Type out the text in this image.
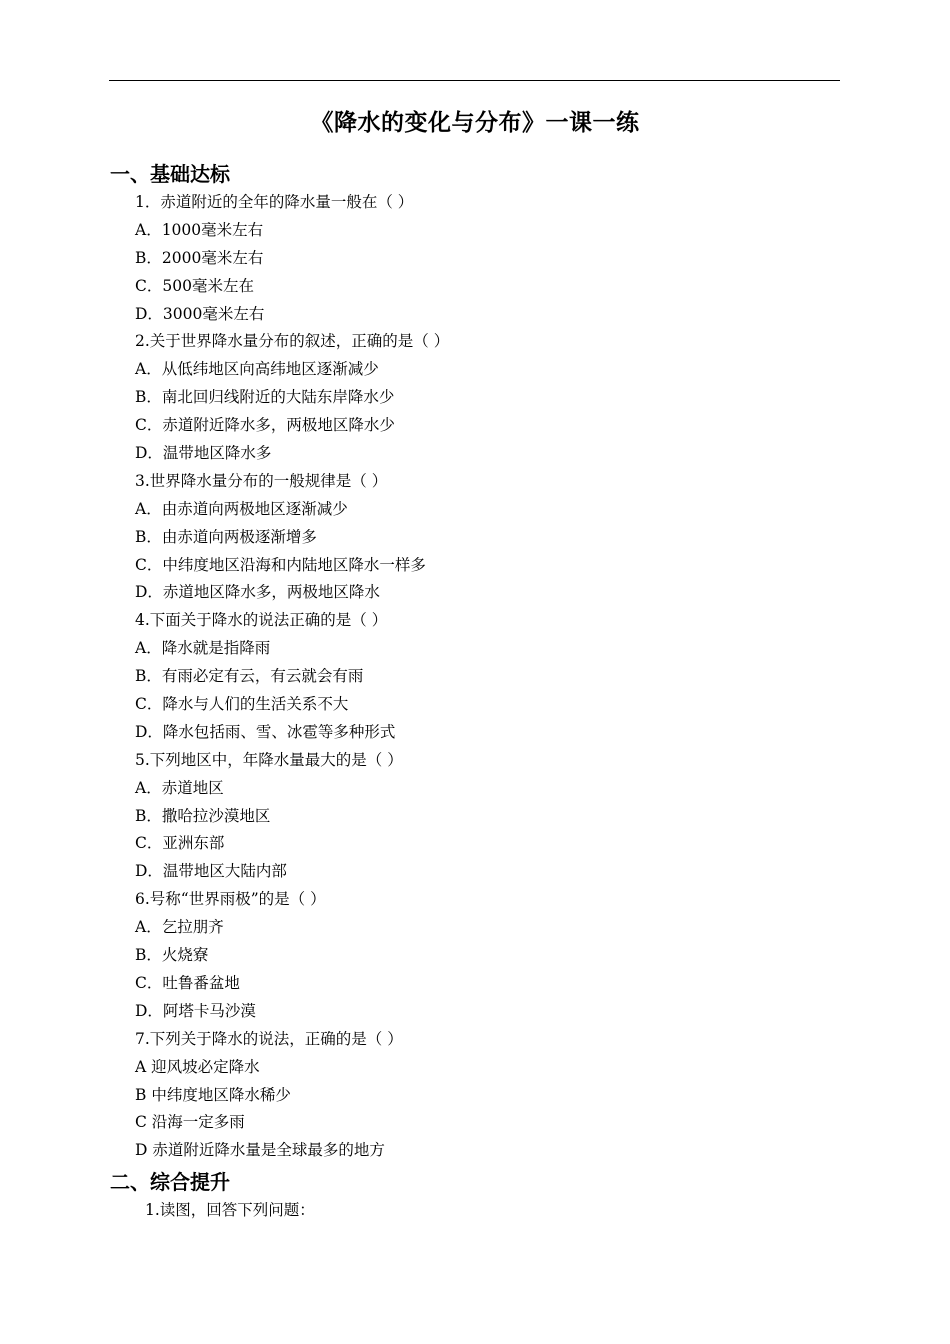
《降水的变化与分布》一课一练
一、基础达标
1．赤道附近的全年的降水量一般在（ ）
A．1000毫米左右
B．2000毫米左右
C．500毫米左在
D．3000毫米左右
2.关于世界降水量分布的叙述，正确的是（ ）
A．从低纬地区向高纬地区逐渐减少
B．南北回归线附近的大陆东岸降水少
C．赤道附近降水多，两极地区降水少
D．温带地区降水多
3.世界降水量分布的一般规律是（ ）
A．由赤道向两极地区逐渐减少
B．由赤道向两极逐渐增多
C．中纬度地区沿海和内陆地区降水一样多
D．赤道地区降水多，两极地区降水
4.下面关于降水的说法正确的是（ ）
A．降水就是指降雨
B．有雨必定有云，有云就会有雨
C．降水与人们的生活关系不大
D．降水包括雨、雪、冰雹等多种形式
5.下列地区中，年降水量最大的是（ ）
A．赤道地区
B．撒哈拉沙漠地区
C．亚洲东部
D．温带地区大陆内部
6.号称“世界雨极”的是（ ）
A．乞拉朋齐
B．火烧寮
C．吐鲁番盆地
D．阿塔卡马沙漠
7.下列关于降水的说法，正确的是（ ）
A 迎风坡必定降水
B 中纬度地区降水稀少
C 沿海一定多雨
D 赤道附近降水量是全球最多的地方
二、综合提升
1.读图，回答下列问题：
